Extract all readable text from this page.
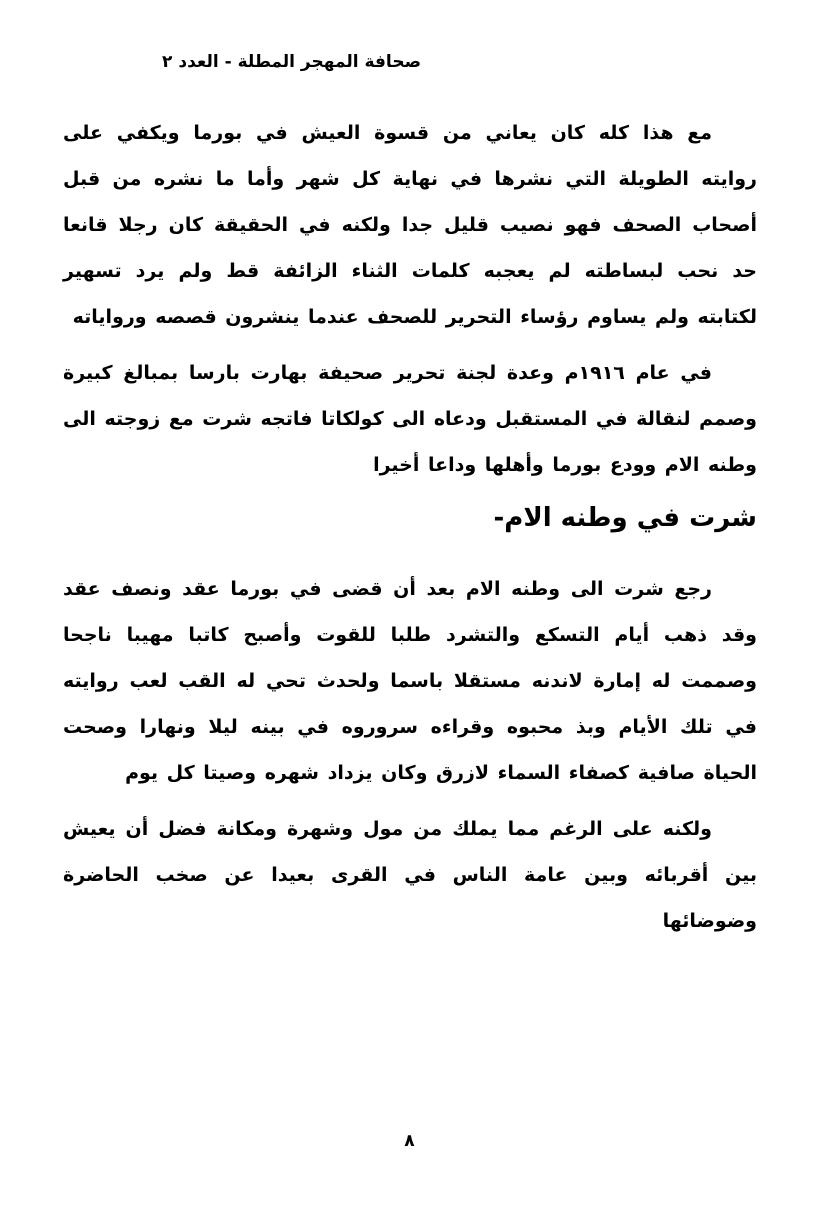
صحافة المهجر المطلة - العدد ٢

مع هذا كله كان يعاني من قسوة العيش في بورما ويكفي على روايته الطويلة التي نشرها في نهاية كل شهر وأما ما نشره من قبل أصحاب الصحف فهو نصيب قليل جدا ولكنه في الحقيقة كان رجلا قانعا حد نحب لبساطته لم يعجبه كلمات الثناء الزائفة قط ولم يرد تسهير لكتابته ولم يساوم رؤساء التحرير للصحف عندما ينشرون قصصه ورواياته

في عام ١٩١٦م وعدة لجنة تحرير صحيفة بهارت بارسا بمبالغ كبيرة وصمم لنقالة في المستقبل ودعاه الى كولكاتا فاتجه شرت مع زوجته الى وطنه الام وودع بورما وأهلها وداعا أخيرا

شرت في وطنه الام-

رجع شرت الى وطنه الام بعد أن قضى في بورما عقد ونصف عقد وقد ذهب أيام التسكع والتشرد طلبا للقوت وأصبح كاتبا مهيبا ناجحا وصممت له إمارة لاندنه مستقلا باسما ولحدث تحي له القب لعب روايته في تلك الأيام وبذ محبوه وقراءه سروروه في بينه ليلا ونهارا وصحت الحياة صافية كصفاء السماء لازرق وكان يزداد شهره وصيتا كل يوم

ولكنه على الرغم مما يملك من مول وشهرة ومكانة فضل أن يعيش بين أقربائه وبين عامة الناس في القرى بعيدا عن صخب الحاضرة وضوضائها

٨
